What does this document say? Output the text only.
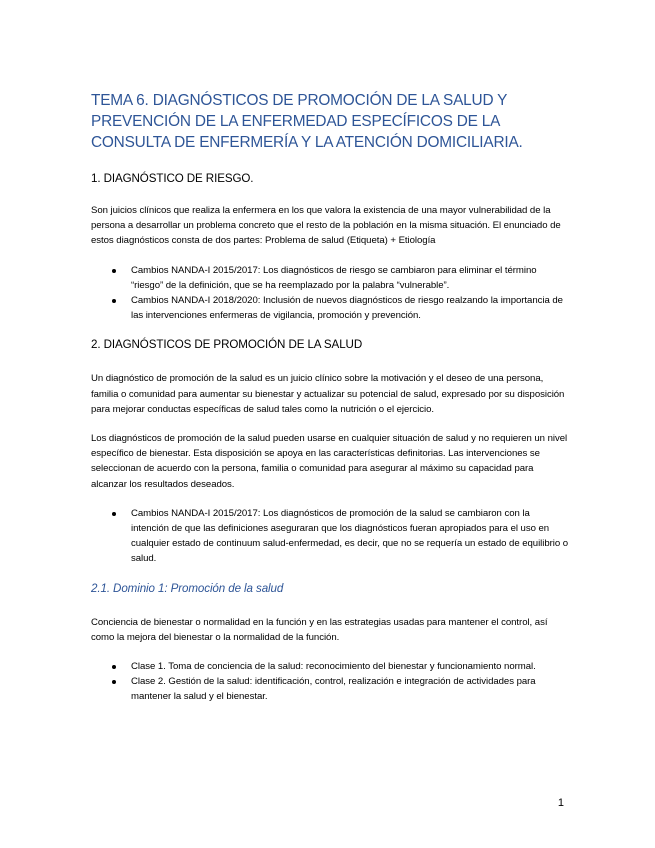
TEMA 6. DIAGNÓSTICOS DE PROMOCIÓN DE LA SALUD Y PREVENCIÓN DE LA ENFERMEDAD ESPECÍFICOS DE LA CONSULTA DE ENFERMERÍA Y LA ATENCIÓN DOMICILIARIA.
1. DIAGNÓSTICO DE RIESGO.

Son juicios clínicos que realiza la enfermera en los que valora la existencia de una mayor vulnerabilidad de la persona a desarrollar un problema concreto que el resto de la población en la misma situación. El enunciado de estos diagnósticos consta de dos partes: Problema de salud (Etiqueta) + Etiología

Cambios NANDA-I 2015/2017: Los diagnósticos de riesgo se cambiaron para eliminar el término “riesgo” de la definición, que se ha reemplazado por la palabra “vulnerable”.
Cambios NANDA-I 2018/2020: Inclusión de nuevos diagnósticos de riesgo realzando la importancia de las intervenciones enfermeras de vigilancia, promoción y prevención.
2. DIAGNÓSTICOS DE PROMOCIÓN DE LA SALUD

Un diagnóstico de promoción de la salud es un juicio clínico sobre la motivación y el deseo de una persona, familia o comunidad para aumentar su bienestar y actualizar su potencial de salud, expresado por su disposición para mejorar conductas específicas de salud tales como la nutrición o el ejercicio.

Los diagnósticos de promoción de la salud pueden usarse en cualquier situación de salud y no requieren un nivel específico de bienestar. Esta disposición se apoya en las características definitorias. Las intervenciones se seleccionan de acuerdo con la persona, familia o comunidad para asegurar al máximo su capacidad para alcanzar los resultados deseados.

Cambios NANDA-I 2015/2017: Los diagnósticos de promoción de la salud se cambiaron con la intención de que las definiciones aseguraran que los diagnósticos fueran apropiados para el uso en cualquier estado de continuum salud-enfermedad, es decir, que no se requería un estado de equilibrio o salud.
2.1. Dominio 1: Promoción de la salud

Conciencia de bienestar o normalidad en la función y en las estrategias usadas para mantener el control, así como la mejora del bienestar o la normalidad de la función.

Clase 1. Toma de conciencia de la salud: reconocimiento del bienestar y funcionamiento normal.
Clase 2. Gestión de la salud: identificación, control, realización e integración de actividades para mantener la salud y el bienestar.
1
